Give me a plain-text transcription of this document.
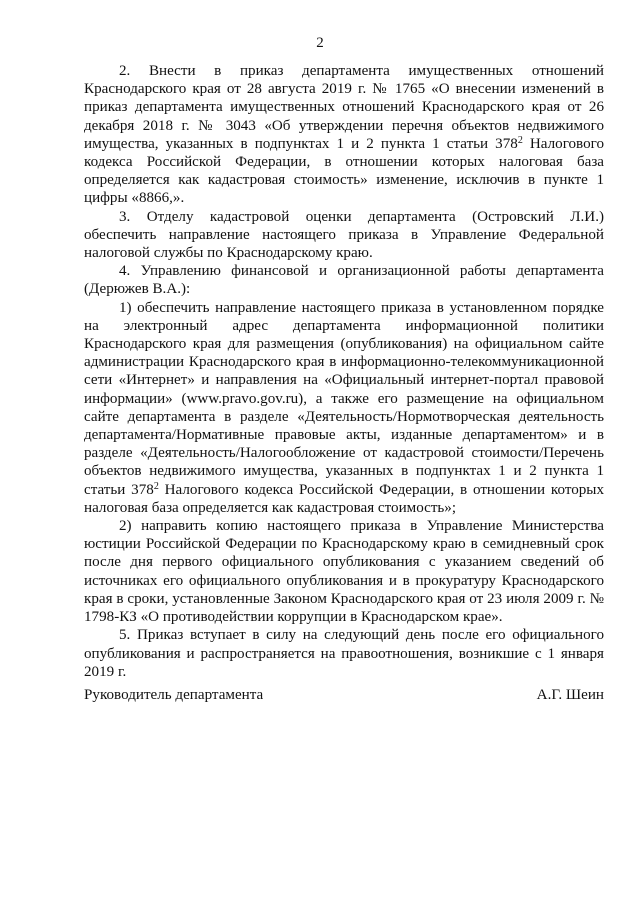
2

2. Внести в приказ департамента имущественных отношений Краснодарского края от 28 августа 2019 г. № 1765 «О внесении изменений в приказ департамента имущественных отношений Краснодарского края от 26 декабря 2018 г. № 3043 «Об утверждении перечня объектов недвижимого имущества, указанных в подпунктах 1 и 2 пункта 1 статьи $378^2$ Налогового кодекса Российской Федерации, в отношении которых налоговая база определяется как кадастровая стоимость» изменение, исключив в пункте 1 цифры «8866,».

3. Отделу кадастровой оценки департамента (Островский Л.И.) обеспечить направление настоящего приказа в Управление Федеральной налоговой службы по Краснодарскому краю.

4. Управлению финансовой и организационной работы департамента (Дерюжев В.А.):

1) обеспечить направление настоящего приказа в установленном порядке на электронный адрес департамента информационной политики Краснодарского края для размещения (опубликования) на официальном сайте администрации Краснодарского края в информационно-телекоммуникационной сети «Интернет» и направления на «Официальный интернет-портал правовой информации» (www.pravo.gov.ru), а также его размещение на официальном сайте департамента в разделе «Деятельность/Нормотворческая деятельность департамента/Нормативные правовые акты, изданные департаментом» и в разделе «Деятельность/Налогообложение от кадастровой стоимости/Перечень объектов недвижимого имущества, указанных в подпунктах 1 и 2 пункта 1 статьи $378^2$ Налогового кодекса Российской Федерации, в отношении которых налоговая база определяется как кадастровая стоимость»;

2) направить копию настоящего приказа в Управление Министерства юстиции Российской Федерации по Краснодарскому краю в семидневный срок после дня первого официального опубликования с указанием сведений об источниках его официального опубликования и в прокуратуру Краснодарского края в сроки, установленные Законом Краснодарского края от 23 июля 2009 г. № 1798-КЗ «О противодействии коррупции в Краснодарском крае».

5. Приказ вступает в силу на следующий день после его официального опубликования и распространяется на правоотношения, возникшие с 1 января 2019 г.

Руководитель департамента	А.Г. Шеин
